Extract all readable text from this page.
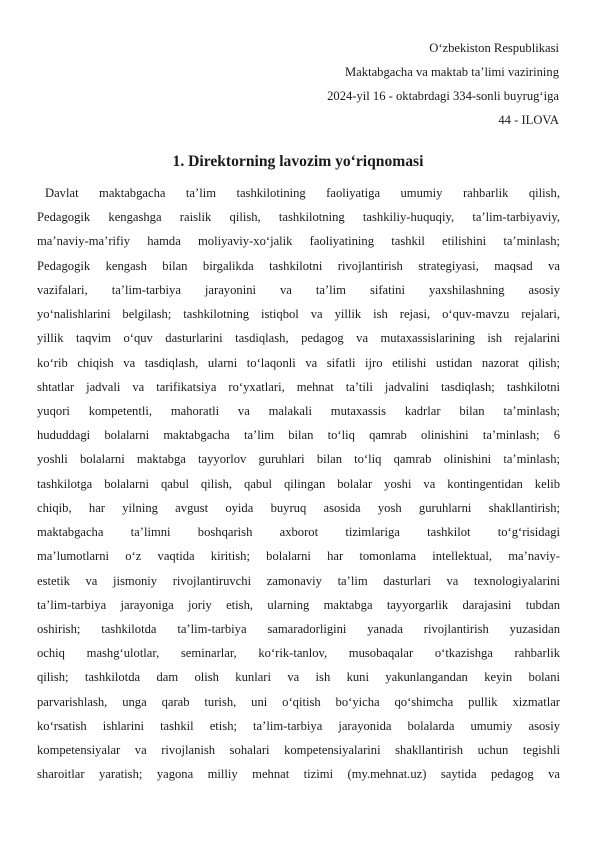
O‘zbekiston Respublikasi
Maktabgacha va maktab ta’limi vazirining
2024-yil 16 - oktabrdagi 334-sonli buyrug‘iga
44 - ILOVA
1. Direktorning lavozim yo‘riqnomasi
Davlat maktabgacha ta’lim tashkilotining faoliyatiga umumiy rahbarlik qilish,
Pedagogik kengashga raislik qilish, tashkilotning tashkiliy-huquqiy, ta’lim-tarbiyaviy,
ma’naviy-ma’rifiy hamda moliyaviy-xo‘jalik faoliyatining tashkil etilishini ta’minlash;
Pedagogik kengash bilan birgalikda tashkilotni rivojlantirish strategiyasi, maqsad va
vazifalari, ta’lim-tarbiya jarayonini va ta’lim sifatini yaxshilashning asosiy
yo‘nalishlarini belgilash; tashkilotning istiqbol va yillik ish rejasi, o‘quv-mavzu rejalari,
yillik taqvim o‘quv dasturlarini tasdiqlash, pedagog va mutaxassislarining ish rejalarini
ko‘rib chiqish va tasdiqlash, ularni to‘laqonli va sifatli ijro etilishi ustidan nazorat qilish;
shtatlar jadvali va tarifikatsiya ro‘yxatlari, mehnat ta’tili jadvalini tasdiqlash; tashkilotni
yuqori kompetentli, mahoratli va malakali mutaxassis kadrlar bilan ta’minlash;
hududdagi bolalarni maktabgacha ta’lim bilan to‘liq qamrab olinishini ta’minlash; 6
yoshli bolalarni maktabga tayyorlov guruhlari bilan to‘liq qamrab olinishini ta’minlash;
tashkilotga bolalarni qabul qilish, qabul qilingan bolalar yoshi va kontingentidan kelib
chiqib, har yilning avgust oyida buyruq asosida yosh guruhlarni shakllantirish;
maktabgacha ta’limni boshqarish axborot tizimlariga tashkilot to‘g‘risidagi
ma’lumotlarni o‘z vaqtida kiritish; bolalarni har tomonlama intellektual, ma’naviy-
estetik va jismoniy rivojlantiruvchi zamonaviy ta’lim dasturlari va texnologiyalarini
ta’lim-tarbiya jarayoniga joriy etish, ularning maktabga tayyorgarlik darajasini tubdan
oshirish; tashkilotda ta’lim-tarbiya samaradorligini yanada rivojlantirish yuzasidan
ochiq mashg‘ulotlar, seminarlar, ko‘rik-tanlov, musobaqalar o‘tkazishga rahbarlik
qilish; tashkilotda dam olish kunlari va ish kuni yakunlangandan keyin bolani
parvarishlash, unga qarab turish, uni o‘qitish bo‘yicha qo‘shimcha pullik xizmatlar
ko‘rsatish ishlarini tashkil etish; ta’lim-tarbiya jarayonida bolalarda umumiy asosiy
kompetensiyalar va rivojlanish sohalari kompetensiyalarini shakllantirish uchun tegishli
sharoitlar yaratish; yagona milliy mehnat tizimi (my.mehnat.uz) saytida pedagog va
